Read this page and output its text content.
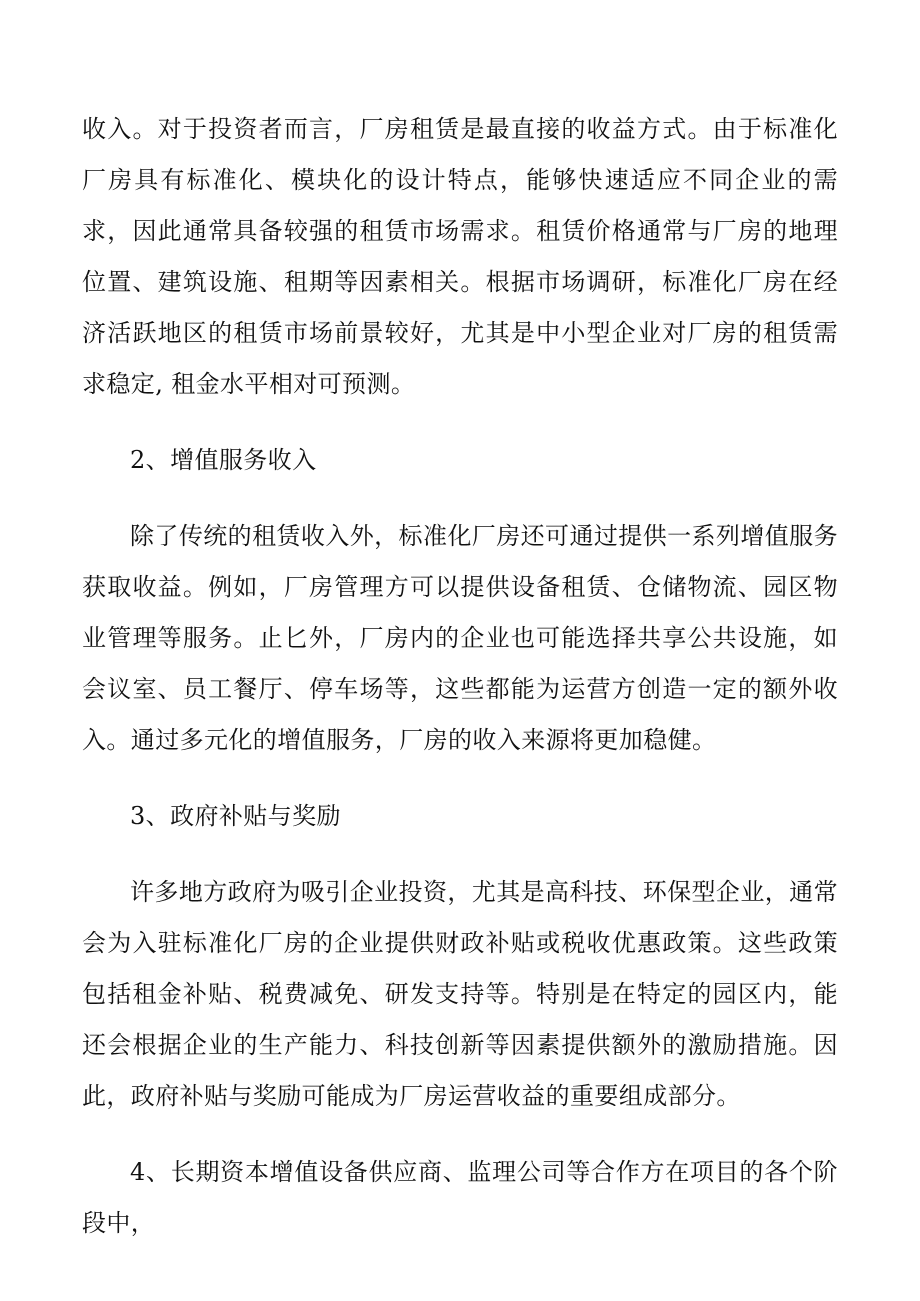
收入。对于投资者而言，厂房租赁是最直接的收益方式。由于标准化厂房具有标准化、模块化的设计特点，能够快速适应不同企业的需求，因此通常具备较强的租赁市场需求。租赁价格通常与厂房的地理位置、建筑设施、租期等因素相关。根据市场调研，标准化厂房在经济活跃地区的租赁市场前景较好，尤其是中小型企业对厂房的租赁需求稳定, 租金水平相对可预测。

2、增值服务收入

除了传统的租赁收入外，标准化厂房还可通过提供一系列增值服务获取收益。例如，厂房管理方可以提供设备租赁、仓储物流、园区物业管理等服务。止匕外，厂房内的企业也可能选择共享公共设施，如会议室、员工餐厅、停车场等，这些都能为运营方创造一定的额外收入。通过多元化的增值服务，厂房的收入来源将更加稳健。

3、政府补贴与奖励

许多地方政府为吸引企业投资，尤其是高科技、环保型企业，通常会为入驻标准化厂房的企业提供财政补贴或税收优惠政策。这些政策包括租金补贴、税费减免、研发支持等。特别是在特定的园区内，能还会根据企业的生产能力、科技创新等因素提供额外的激励措施。因此，政府补贴与奖励可能成为厂房运营收益的重要组成部分。

4、长期资本增值设备供应商、监理公司等合作方在项目的各个阶段中，
